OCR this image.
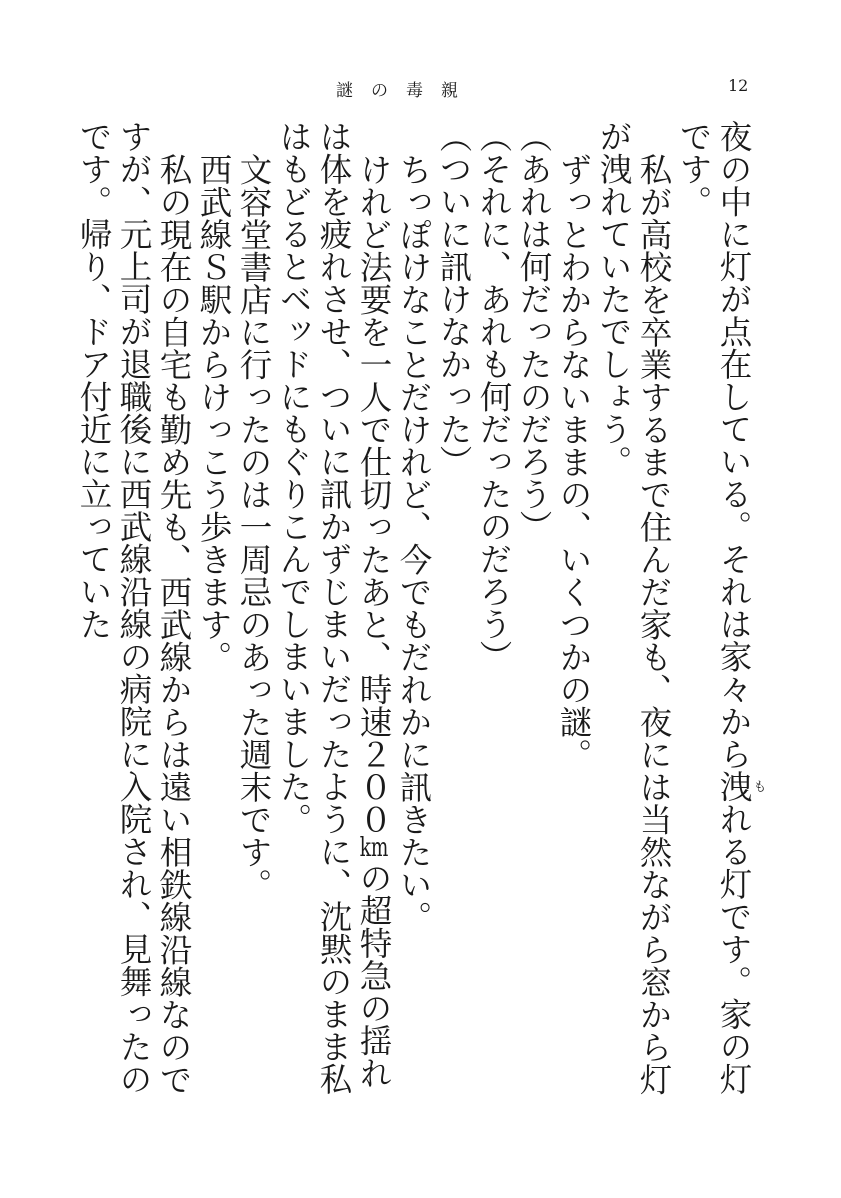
謎の毒親	12

夜の中に灯が点在している。それは家々から洩もれる灯です。家の灯です。

私が高校を卒業するまで住んだ家も、夜には当然ながら窓から灯が洩れていたでしょう。

ずっとわからないままの、いくつかの謎。

（あれは何だったのだろう）

（それに、あれも何だったのだろう）

（ついに訊けなかった）

ちっぽけなことだけれど、今でもだれかに訊きたい。

けれど法要を一人で仕切ったあと、時速２００kmの超特急の揺れは体を疲れさせ、ついに訊かずじまいだったように、沈黙のまま私はもどるとベッドにもぐりこんでしまいました。

文容堂書店に行ったのは一周忌のあった週末です。

西武線Ｓ駅からけっこう歩きます。

私の現在の自宅も勤め先も、西武線からは遠い相鉄線沿線なのですが、元上司が退職後に西武線沿線の病院に入院され、見舞ったのです。帰り、ドア付近に立っていた
